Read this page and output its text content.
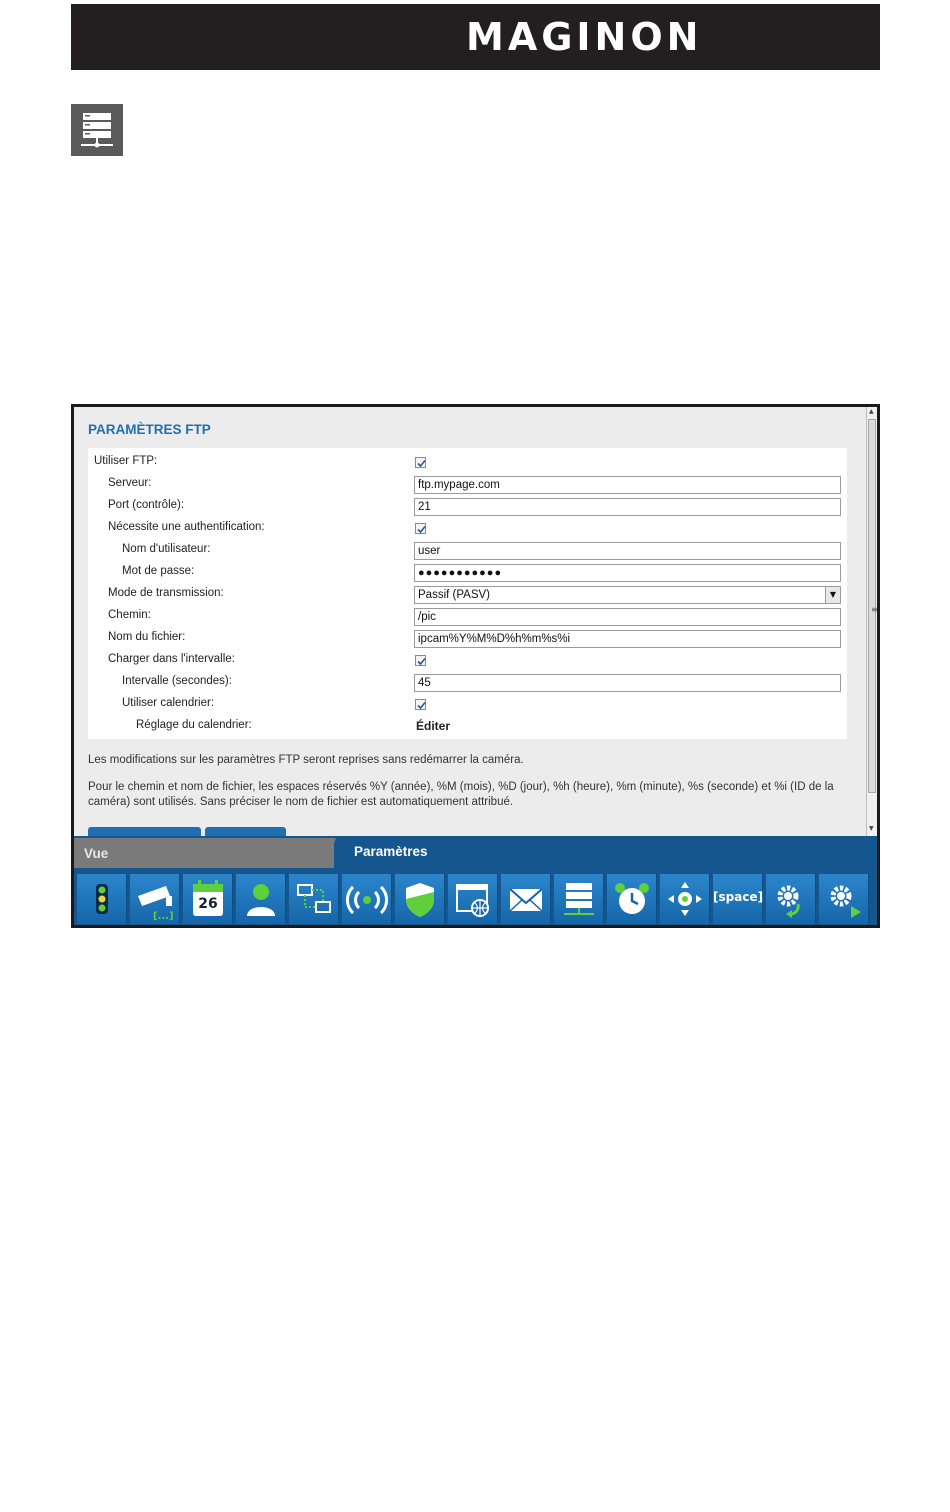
MAGINON
PARAMÈTRES FTP
Utiliser FTP:
Serveur:	ftp.mypage.com
Port (contrôle):	21
Nécessite une authentification:
Nom d'utilisateur:	user
Mot de passe:	●●●●●●●●●●●
Mode de transmission:	Passif (PASV)	▼
Chemin:	/pic
Nom du fichier:	ipcam%Y%M%D%h%m%s%i
Charger dans l'intervalle:
Intervalle (secondes):	45
Utiliser calendrier:
Réglage du calendrier:	Éditer
Les modifications sur les paramètres FTP seront reprises sans redémarrer la caméra.
Pour le chemin et nom de fichier, les espaces réservés %Y (année), %M (mois), %D (jour), %h (heure), %m (minute), %s (seconde) et %i (ID de la caméra) sont utilisés. Sans préciser le nom de fichier est automatiquement attribué.
▲
≡
▼
Vue	Paramètres
[...]
26	[space]
